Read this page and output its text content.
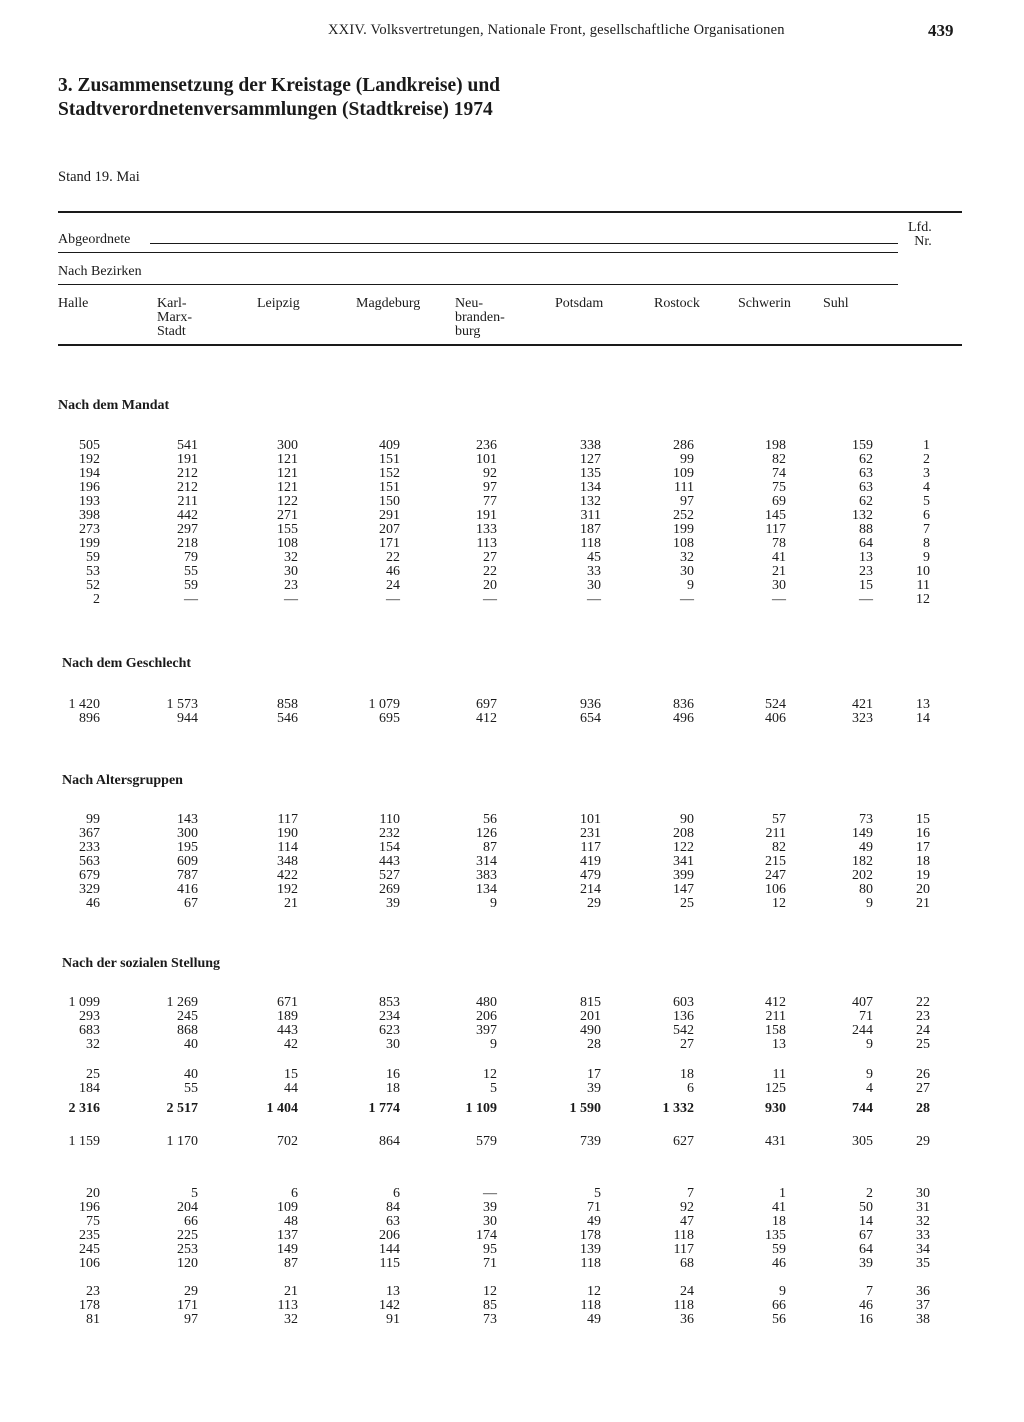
XXIV. Volksvertretungen, Nationale Front, gesellschaftliche Organisationen	439
3. Zusammensetzung der Kreistage (Landkreise) und
Stadtverordnetenversammlungen (Stadtkreise) 1974
Stand 19. Mai
Abgeordnete
Nach Bezirken
Lfd.
Nr.
Halle	Karl-
Marx-
Stadt
Leipzig	Magdeburg Neu-
branden-
burg
Potsdam	Rostock	Schwerin Suhl
Nach dem Mandat
505	541	300	409	236	338	286	198	159	1
192	191	121	151	101	127	99	82	62	2
194	212	121	152	92	135	109	74	63	3
196	212	121	151	97	134	111	75	63	4
193	211	122	150	77	132	97	69	62	5
398	442	271	291	191	311	252	145	132	6
273	297	155	207	133	187	199	117	88	7
199	218	108	171	113	118	108	78	64	8
59	79	32	22	27	45	32	41	13	9
53	55	30	46	22	33	30	21	23	10
52	59	23	24	20	30	9	30	15	11
2	—	—	—	—	—	—	—	—	12
Nach dem Geschlecht
1 420	1 573	858	1 079	697	936	836	524	421	13
896	944	546	695	412	654	496	406	323	14
Nach Altersgruppen
99	143	117	110	56	101	90	57	73	15
367	300	190	232	126	231	208	211	149	16
233	195	114	154	87	117	122	82	49	17
563	609	348	443	314	419	341	215	182	18
679	787	422	527	383	479	399	247	202	19
329	416	192	269	134	214	147	106	80	20
46	67	21	39	9	29	25	12	9	21
Nach der sozialen Stellung
1 099	1 269	671	853	480	815	603	412	407	22
293	245	189	234	206	201	136	211	71	23
683	868	443	623	397	490	542	158	244	24
32	40	42	30	9	28	27	13	9	25
25	40	15	16	12	17	18	11	9	26
184	55	44	18	5	39	6	125	4	27
2 316	2 517	1 404	1 774	1 109	1 590	1 332	930	744	28
1 159	1 170	702	864	579	739	627	431	305	29
20	5	6	6	—	5	7	1	2	30
196	204	109	84	39	71	92	41	50	31
75	66	48	63	30	49	47	18	14	32
235	225	137	206	174	178	118	135	67	33
245	253	149	144	95	139	117	59	64	34
106	120	87	115	71	118	68	46	39	35
23	29	21	13	12	12	24	9	7	36
178	171	113	142	85	118	118	66	46	37
81	97	32	91	73	49	36	56	16	38
